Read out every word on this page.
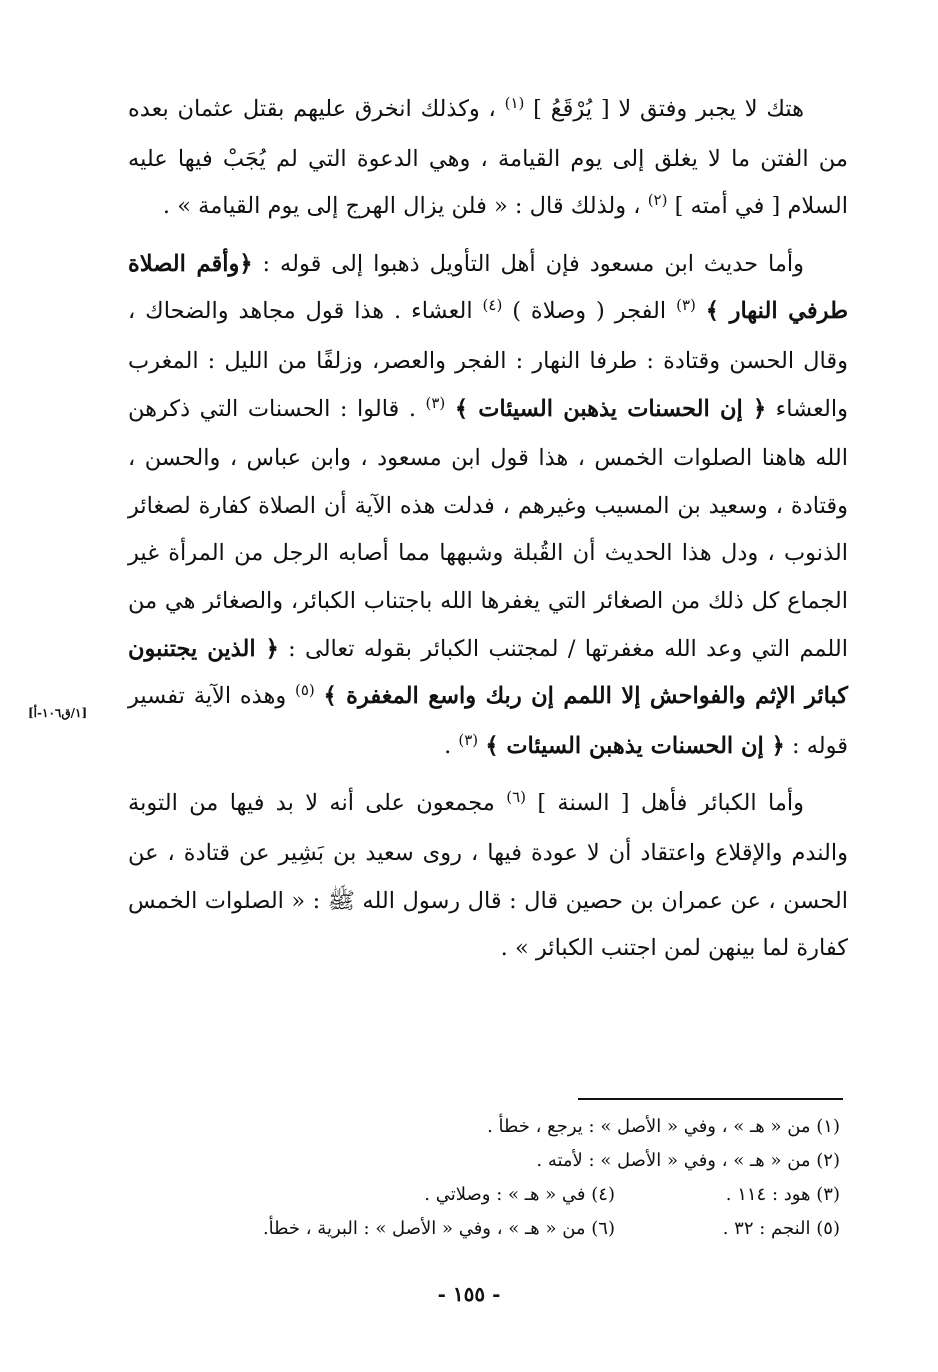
هتك لا يجبر وفتق لا [ يُرْقَعُ ] $^{(١)}$ ، وكذلك انخرق عليهم بقتل عثمان بعده من الفتن ما لا يغلق إلى يوم القيامة ، وهي الدعوة التي لم يُجَبْ فيها عليه السلام [ في أمته ] $^{(٢)}$ ، ولذلك قال : « فلن يزال الهرج إلى يوم القيامة » .

وأما حديث ابن مسعود فإن أهل التأويل ذهبوا إلى قوله : ﴿وأقم الصلاة طرفي النهار ﴾ $^{(٣)}$ الفجر ( وصلاة ) $^{(٤)}$ العشاء . هذا قول مجاهد والضحاك ، وقال الحسن وقتادة : طرفا النهار : الفجر والعصر، وزلفًا من الليل : المغرب والعشاء ﴿ إن الحسنات يذهبن السيئات ﴾ $^{(٣)}$ . قالوا : الحسنات التي ذكرهن الله هاهنا الصلوات الخمس ، هذا قول ابن مسعود ، وابن عباس ، والحسن ، وقتادة ، وسعيد بن المسيب وغيرهم ، فدلت هذه الآية أن الصلاة كفارة لصغائر الذنوب ، ودل هذا الحديث أن القُبلة وشبهها مما أصابه الرجل من المرأة غير الجماع كل ذلك من الصغائر التي يغفرها الله باجتناب الكبائر، والصغائر هي من اللمم التي وعد الله مغفرتها / لمجتنب الكبائر بقوله تعالى : ﴿ الذين يجتنبون كبائر الإثم والفواحش إلا اللمم إن ربك واسع المغفرة ﴾ $^{(٥)}$ وهذه الآية تفسير قوله : ﴿ إن الحسنات يذهبن السيئات ﴾ $^{(٣)}$ .

وأما الكبائر فأهل [ السنة ] $^{(٦)}$ مجمعون على أنه لا بد فيها من التوبة والندم والإقلاع واعتقاد أن لا عودة فيها ، روى سعيد بن بَشِير عن قتادة ، عن الحسن ، عن عمران بن حصين قال : قال رسول الله ﷺ : « الصلوات الخمس كفارة لما بينهن لمن اجتنب الكبائر » .

[١/ق١٠٦-أ]
(١) من « هـ » ، وفي « الأصل » : يرجع ، خطأ .
(٢) من « هـ » ، وفي « الأصل » : لأمته .
(٣) هود : ١١٤ .(٤) في « هـ » : وصلاتي .
(٥) النجم : ٣٢ .(٦) من « هـ » ، وفي « الأصل » : البرية ، خطأ.
- ١٥٥ -
